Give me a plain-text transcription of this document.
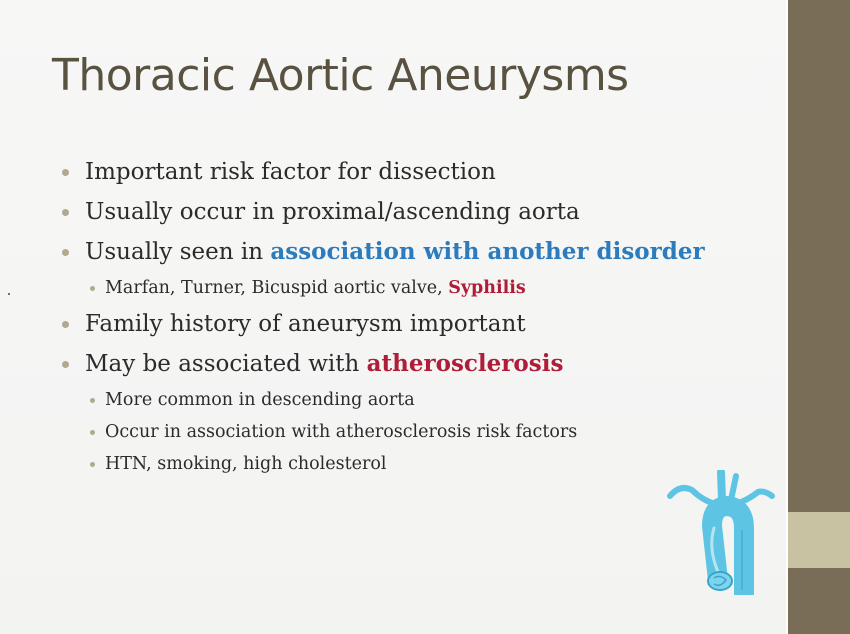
Thoracic Aortic Aneurysms
Important risk factor for dissection
Usually occur in proximal/ascending aorta
Usually seen in association with another disorder
Marfan, Turner, Bicuspid aortic valve, Syphilis
Family history of aneurysm important
May be associated with atherosclerosis
More common in descending aorta
Occur in association with atherosclerosis risk factors
HTN, smoking, high cholesterol
